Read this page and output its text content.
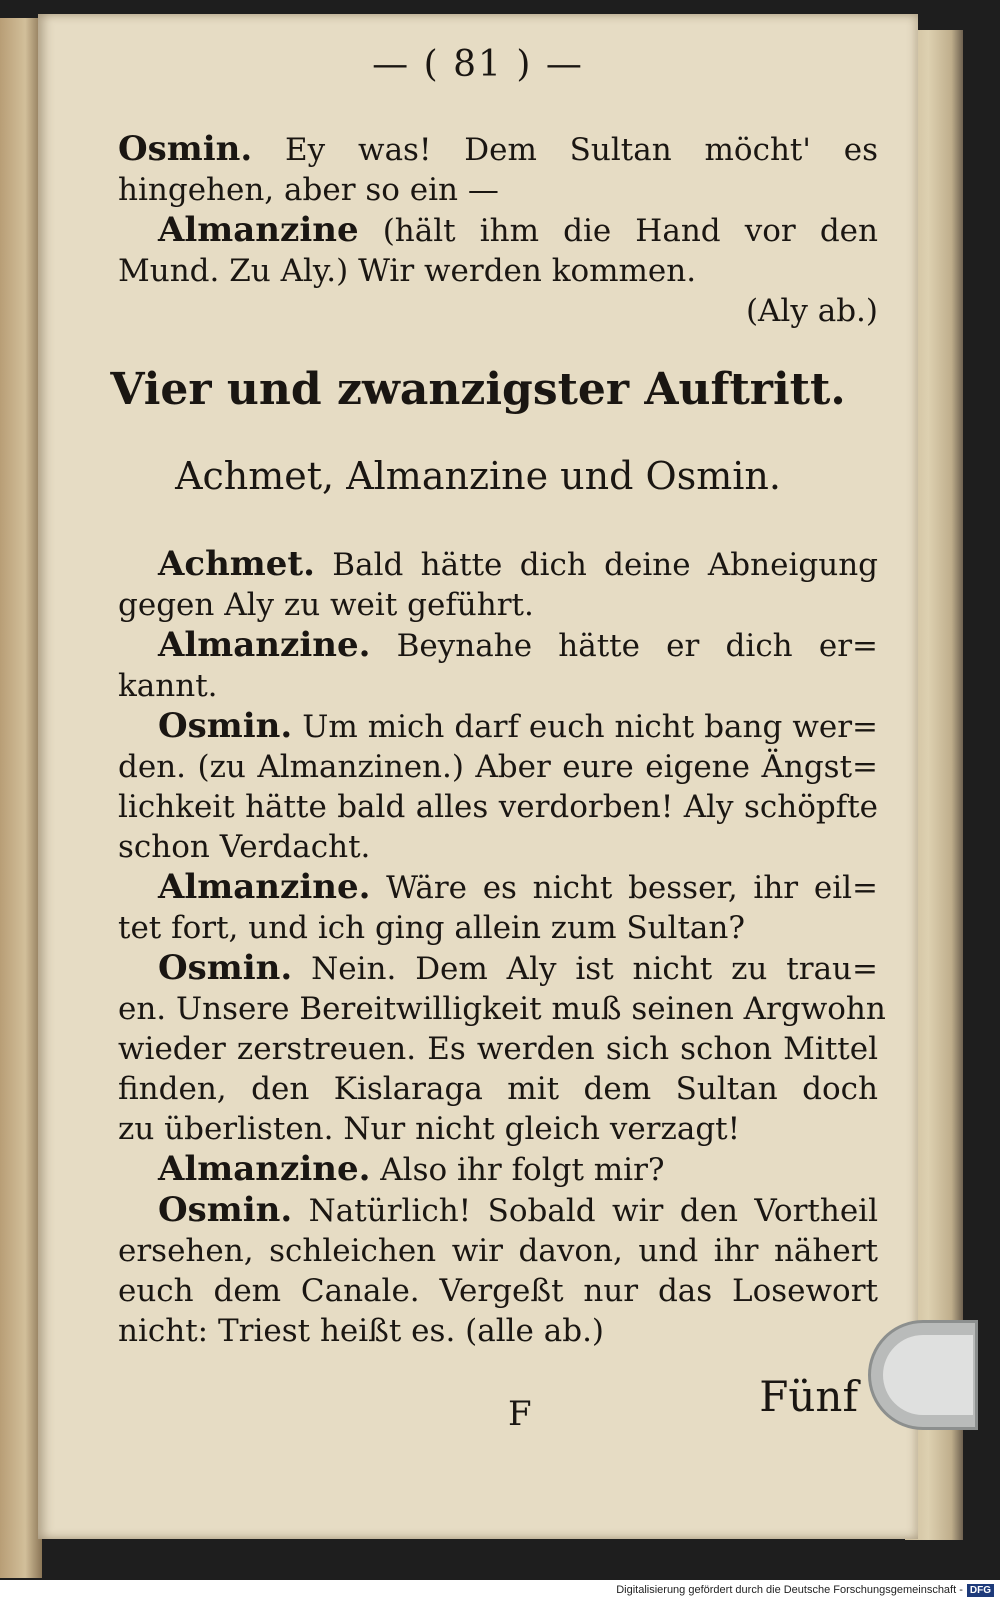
— ( 81 ) —
Osmin. Ey was! Dem Sultan möcht' es
hingehen, aber so ein —
Almanzine (hält ihm die Hand vor den
Mund. Zu Aly.) Wir werden kommen.
(Aly ab.)
Vier und zwanzigster Auftritt.
Achmet, Almanzine und Osmin.
Achmet. Bald hätte dich deine Abneigung
gegen Aly zu weit geführt.
Almanzine. Beynahe hätte er dich er=
kannt.
Osmin. Um mich darf euch nicht bang wer=
den. (zu Almanzinen.) Aber eure eigene Ängst=
lichkeit hätte bald alles verdorben! Aly schöpfte
schon Verdacht.
Almanzine. Wäre es nicht besser, ihr eil=
tet fort, und ich ging allein zum Sultan?
Osmin. Nein. Dem Aly ist nicht zu trau=
en. Unsere Bereitwilligkeit muß seinen Argwohn
wieder zerstreuen. Es werden sich schon Mittel
finden, den Kislaraga mit dem Sultan doch
zu überlisten. Nur nicht gleich verzagt!
Almanzine. Also ihr folgt mir?
Osmin. Natürlich! Sobald wir den Vortheil
ersehen, schleichen wir davon, und ihr nähert
euch dem Canale. Vergeßt nur das Losewort
nicht: Triest heißt es. (alle ab.)
F	Fünf
Digitalisierung gefördert durch die Deutsche Forschungsgemeinschaft - DFG
